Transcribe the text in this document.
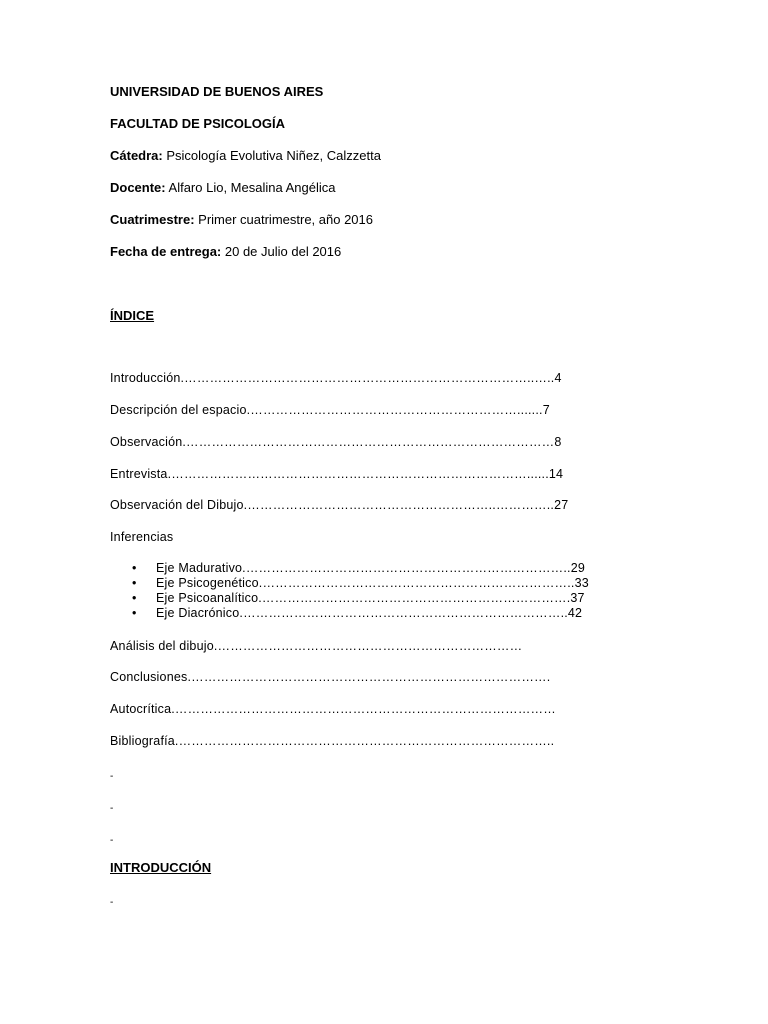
UNIVERSIDAD DE BUENOS AIRES
FACULTAD DE PSICOLOGÍA
Cátedra: Psicología Evolutiva Niñez, Calzzetta
Docente: Alfaro Lio, Mesalina Angélica
Cuatrimestre: Primer cuatrimestre, año 2016
Fecha de entrega: 20 de Julio del 2016
ÍNDICE
Introducción.………………………………………………………………………..…..4
Descripción del espacio.……………………………………………………….......7
Observación.……………………………………………………………………………8
Entrevista.…………………………………………………………………………......14
Observación del Dibujo.…………………………………………………..…………..27
Inferencias
• Eje Madurativo.…………………………………………………………………..29
• Eje Psicogenético.………………………………………………………………..33
• Eje Psicoanalítico.……………………………………………………………….37
• Eje Diacrónico.…………………………………………………………………..42
Análisis del dibujo.………………………………………………………………
Conclusiones.………………………………………………………………………….
Autocrítica.………………………………………………………………………………
Bibliografía.……………………………………………………………………………..
-
-
-
INTRODUCCIÓN
-
